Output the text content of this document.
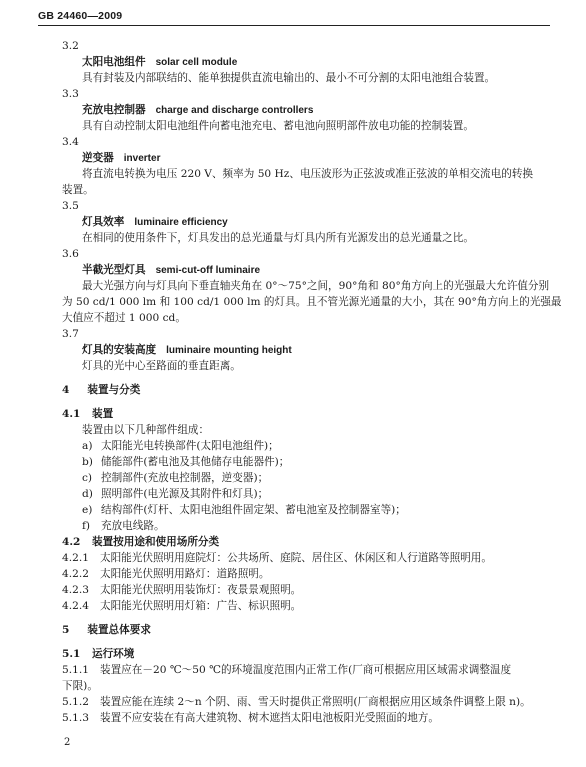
GB 24460—2009
3.2
太阳电池组件 solar cell module
具有封装及内部联结的、能单独提供直流电输出的、最小不可分割的太阳电池组合装置。
3.3
充放电控制器 charge and discharge controllers
具有自动控制太阳电池组件向蓄电池充电、蓄电池向照明部件放电功能的控制装置。
3.4
逆变器 inverter
将直流电转换为电压 220 V、频率为 50 Hz、电压波形为正弦波或准正弦波的单相交流电的转换
装置。
3.5
灯具效率 luminaire efficiency
在相同的使用条件下，灯具发出的总光通量与灯具内所有光源发出的总光通量之比。
3.6
半截光型灯具 semi-cut-off luminaire
最大光强方向与灯具向下垂直轴夹角在 0°～75°之间，90°角和 80°角方向上的光强最大允许值分别
为 50 cd/1 000 lm 和 100 cd/1 000 lm 的灯具。且不管光源光通量的大小，其在 90°角方向上的光强最
大值应不超过 1 000 cd。
3.7
灯具的安装高度 luminaire mounting height
灯具的光中心至路面的垂直距离。
4 装置与分类
4.1 装置
装置由以下几种部件组成：
a) 太阳能光电转换部件(太阳电池组件)；
b) 储能部件(蓄电池及其他储存电能器件)；
c) 控制部件(充放电控制器，逆变器)；
d) 照明部件(电光源及其附件和灯具)；
e) 结构部件(灯杆、太阳电池组件固定架、蓄电池室及控制器室等)；
f) 充放电线路。
4.2 装置按用途和使用场所分类
4.2.1 太阳能光伏照明用庭院灯：公共场所、庭院、居住区、休闲区和人行道路等照明用。
4.2.2 太阳能光伏照明用路灯：道路照明。
4.2.3 太阳能光伏照明用装饰灯：夜景景观照明。
4.2.4 太阳能光伏照明用灯箱：广告、标识照明。
5 装置总体要求
5.1 运行环境
5.1.1 装置应在－20 ℃～50 ℃的环境温度范围内正常工作(厂商可根据应用区域需求调整温度
下限)。
5.1.2 装置应能在连续 2～n 个阴、雨、雪天时提供正常照明(厂商根据应用区域条件调整上限 n)。
5.1.3 装置不应安装在有高大建筑物、树木遮挡太阳电池板阳光受照面的地方。
2
